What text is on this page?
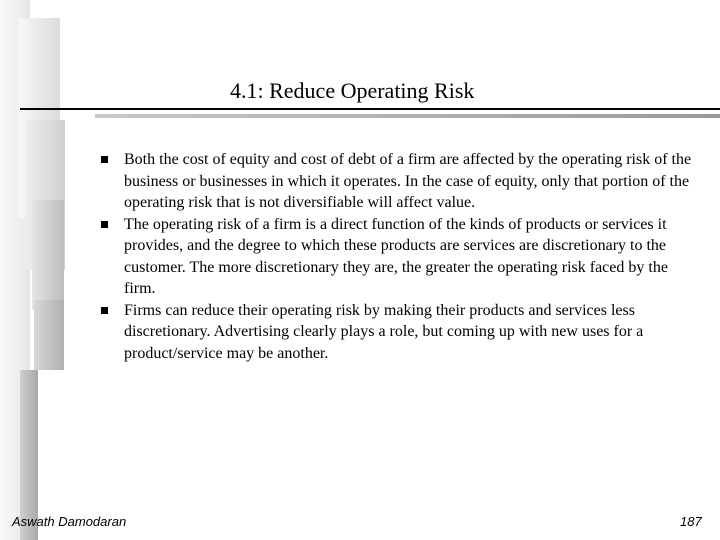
4.1: Reduce Operating Risk
Both the cost of equity and cost of debt of a firm are affected by the operating risk of the business or businesses in which it operates. In the case of equity, only that portion of the operating risk that is not diversifiable will affect value.
The operating risk of a firm is a direct function of the kinds of products or services it provides, and the degree to which these products are services are discretionary to the customer. The more discretionary they are, the greater the operating risk faced by the firm.
Firms can reduce their operating risk by making their products and services less discretionary. Advertising clearly plays a role, but coming up with new uses for a product/service may be another.
Aswath Damodaran	187
